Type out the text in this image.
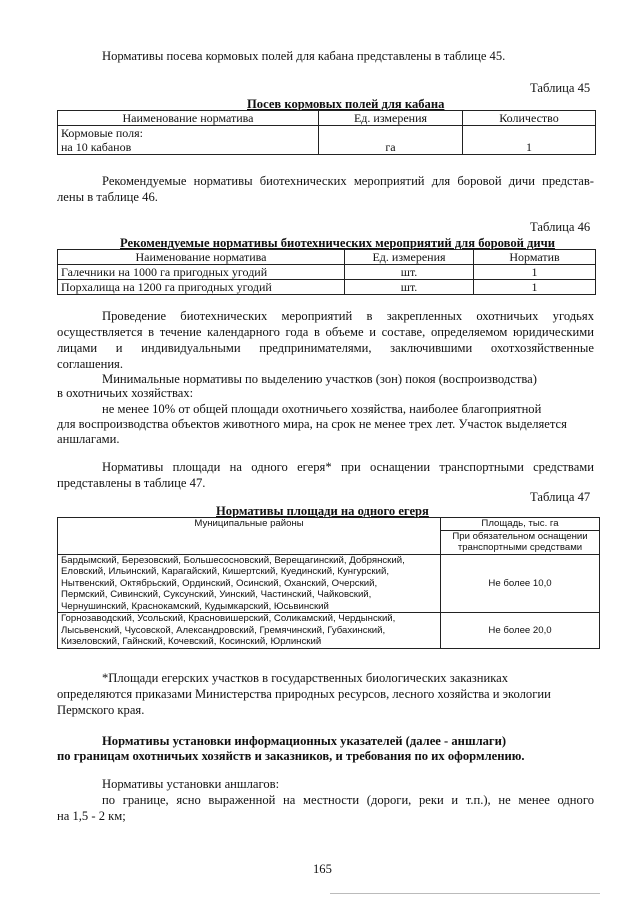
Нормативы посева кормовых полей для кабана представлены в таблице 45.
Таблица 45
Посев кормовых полей для кабана
Наименование норматива	Ед. измерения	Количество

Кормовые поля:
на 10 кабанов	га	1
Рекомендуемые нормативы биотехнических мероприятий для боровой дичи представ-
лены в таблице 46.
Таблица 46
Рекомендуемые нормативы биотехнических мероприятий для боровой дичи
Наименование норматива	Ед. измерения	Норматив
Галечники на 1000 га пригодных угодий	шт.	1
Порхалища на 1200 га пригодных угодий	шт.	1
Проведение биотехнических мероприятий в закрепленных охотничьих угодьях
осуществляется в течение календарного года в объеме и составе, определяемом юридическими
лицами и индивидуальными предпринимателями, заключившими охотхозяйственные
соглашения.
Минимальные нормативы по выделению участков (зон) покоя (воспроизводства)
в охотничьих хозяйствах:
не менее 10% от общей площади охотничьего хозяйства, наиболее благоприятной
для воспроизводства объектов животного мира, на срок не менее трех лет. Участок выделяется
аншлагами.
Нормативы площади на одного егеря* при оснащении транспортными средствами
представлены в таблице 47.
Таблица 47
Нормативы площади на одного егеря
Муниципальные районы	Площадь, тыс. га
	При обязательном оснащении транспортными средствами

Бардымский, Березовский, Большесосновский, Верещагинский, Добрянский,
Еловский, Ильинский, Карагайский, Кишертский, Куединский, Кунгурский,
Нытвенский, Октябрьский, Ординский, Осинский, Оханский, Очерский,
Пермский, Сивинский, Суксунский, Уинский, Частинский, Чайковский,
Чернушинский, Краснокамский, Кудымкарский, Юсьвинский	Не более 10,0

Горнозаводский, Усольский, Красновишерский, Соликамский, Чердынский,
Лысьвенский, Чусовской, Александровский, Гремячинский, Губахинский,
Кизеловский, Гайнский, Кочевский, Косинский, Юрлинский	Не более 20,0
*Площади егерских участков в государственных биологических заказниках
определяются приказами Министерства природных ресурсов, лесного хозяйства и экологии
Пермского края.
Нормативы установки информационных указателей (далее - аншлаги)
по границам охотничьих хозяйств и заказников, и требования по их оформлению.
Нормативы установки аншлагов:
по границе, ясно выраженной на местности (дороги, реки и т.п.), не менее одного
на 1,5 - 2 км;
165
